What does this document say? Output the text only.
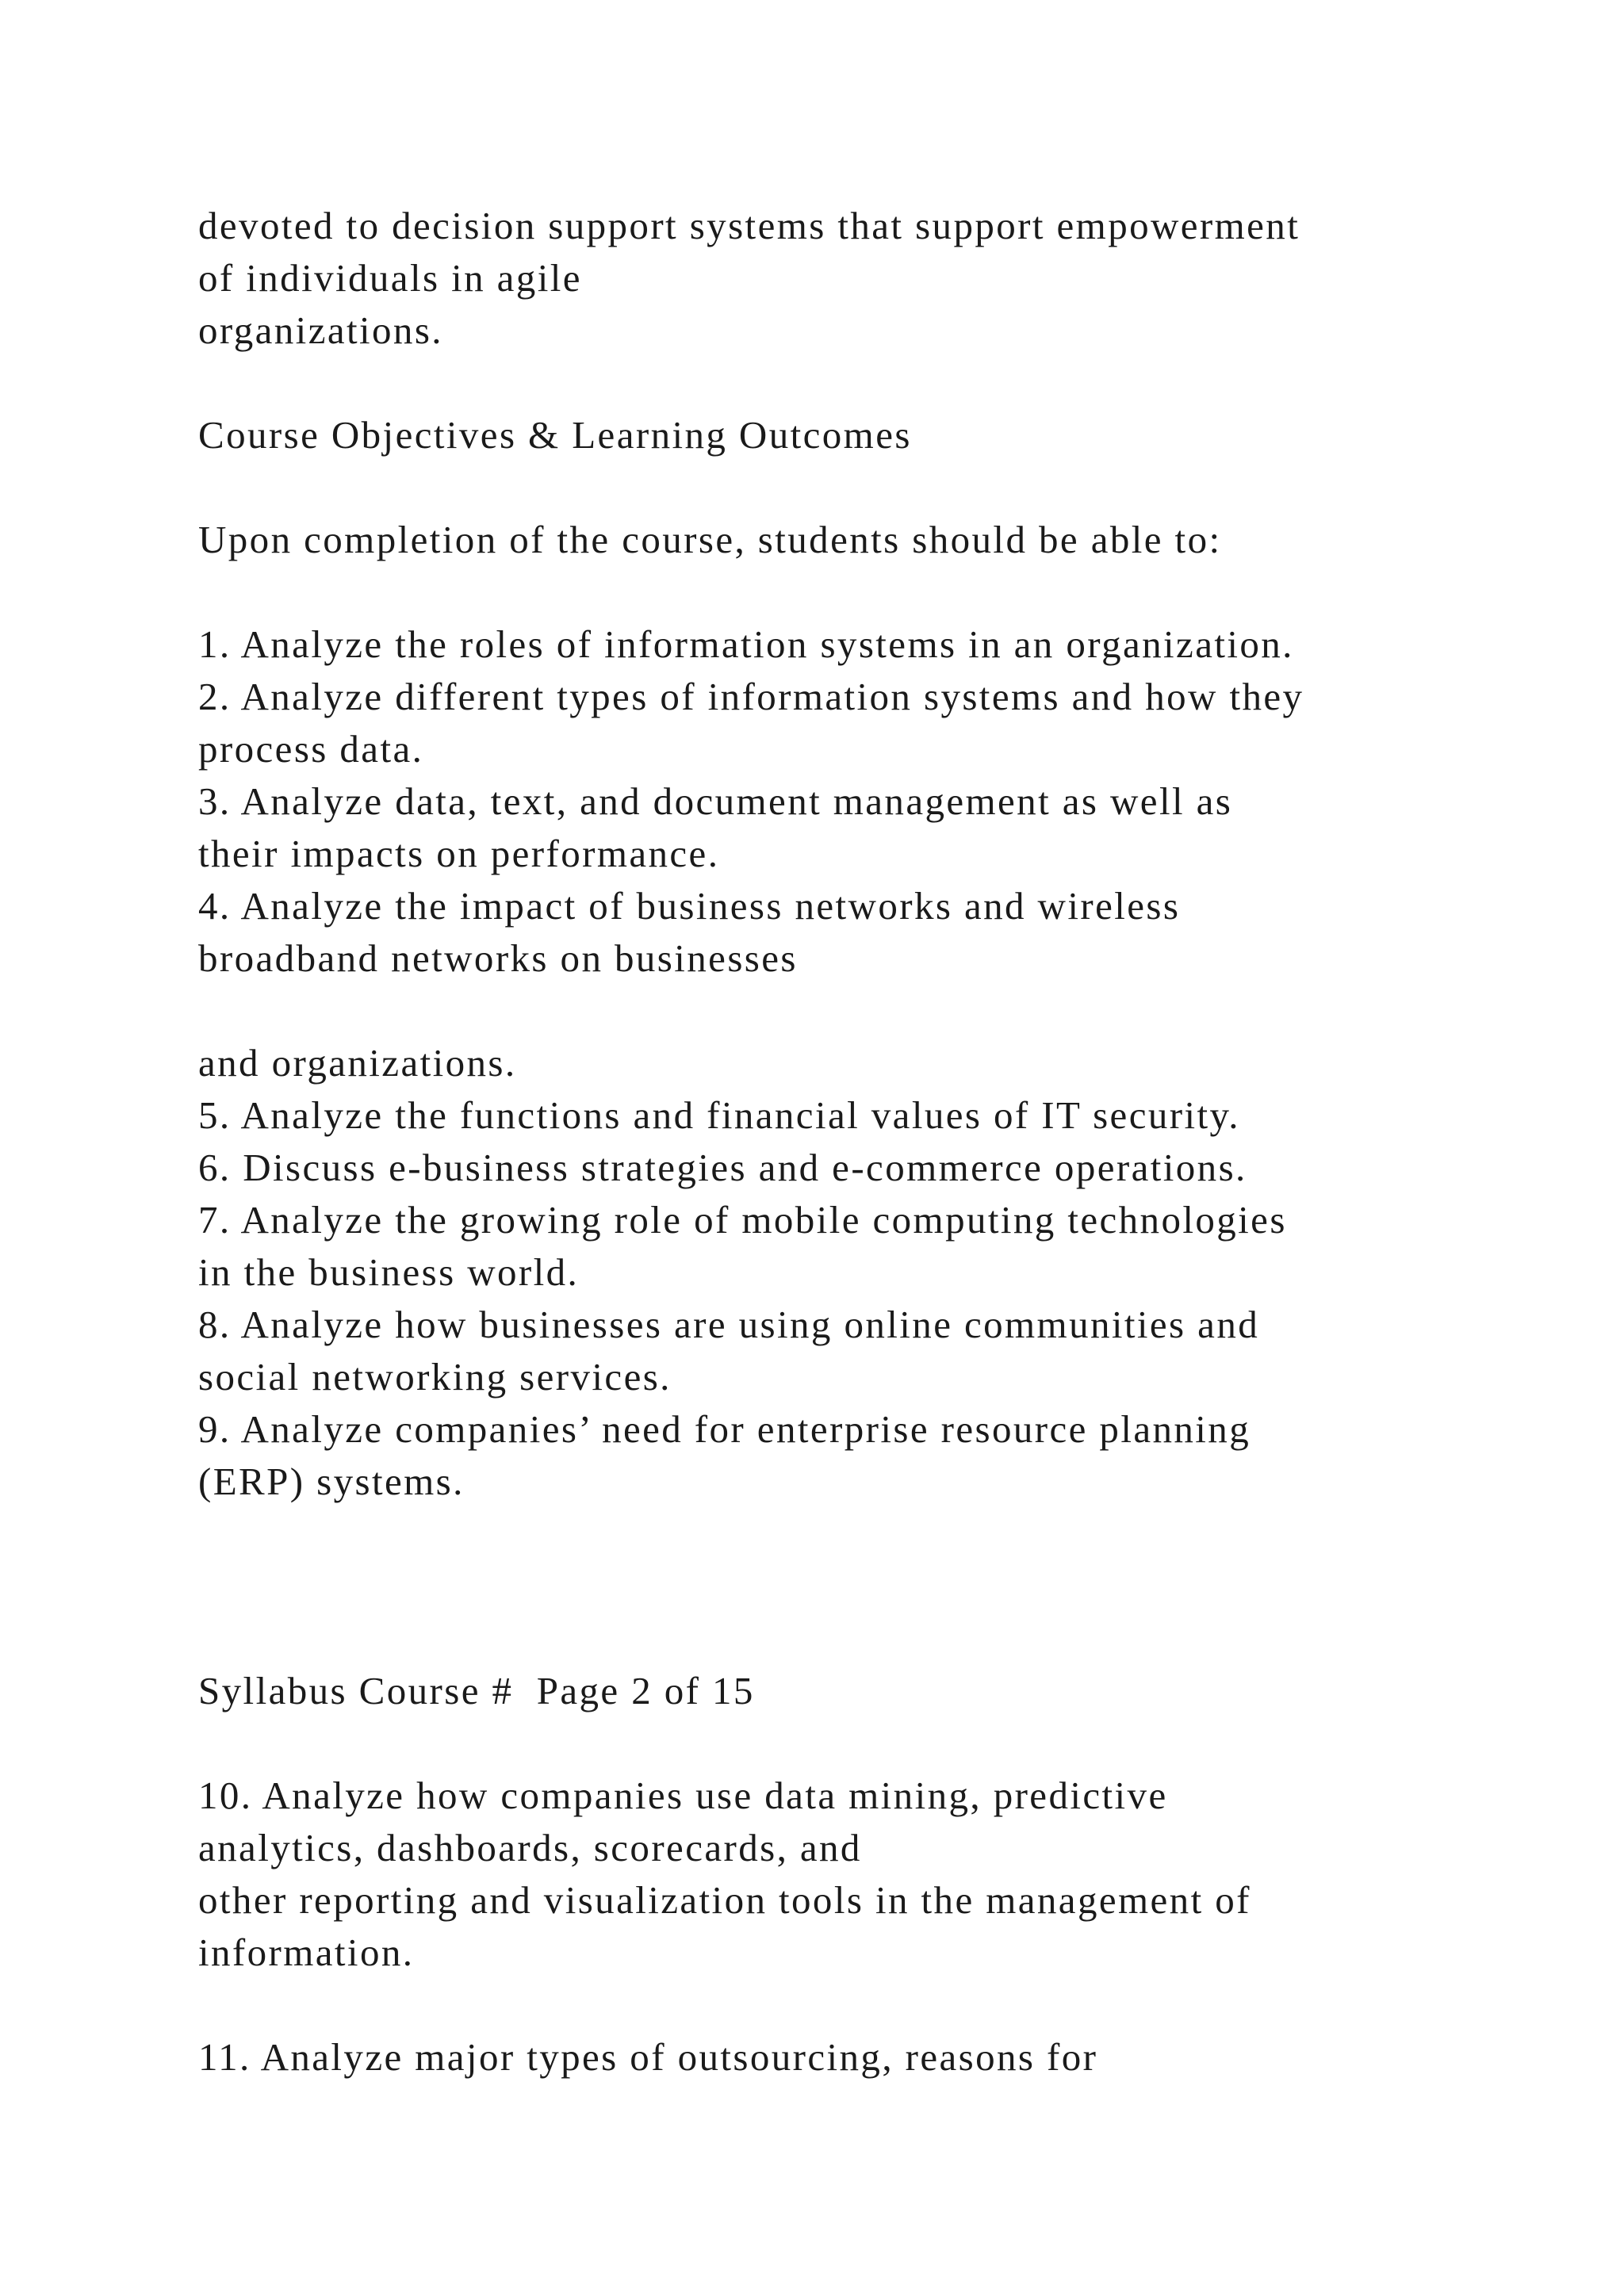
devoted to decision support systems that support empowerment

of individuals in agile

organizations.

Course Objectives & Learning Outcomes

Upon completion of the course, students should be able to:

1. Analyze the roles of information systems in an organization.

2. Analyze different types of information systems and how they

process data.

3. Analyze data, text, and document management as well as

their impacts on performance.

4. Analyze the impact of business networks and wireless

broadband networks on businesses

and organizations.

5. Analyze the functions and financial values of IT security.

6. Discuss e-business strategies and e-commerce operations.

7. Analyze the growing role of mobile computing technologies

in the business world.

8. Analyze how businesses are using online communities and

social networking services.

9. Analyze companies’ need for enterprise resource planning

(ERP) systems.

Syllabus Course #  Page 2 of 15

10. Analyze how companies use data mining, predictive

analytics, dashboards, scorecards, and

other reporting and visualization tools in the management of

information.

11. Analyze major types of outsourcing, reasons for
